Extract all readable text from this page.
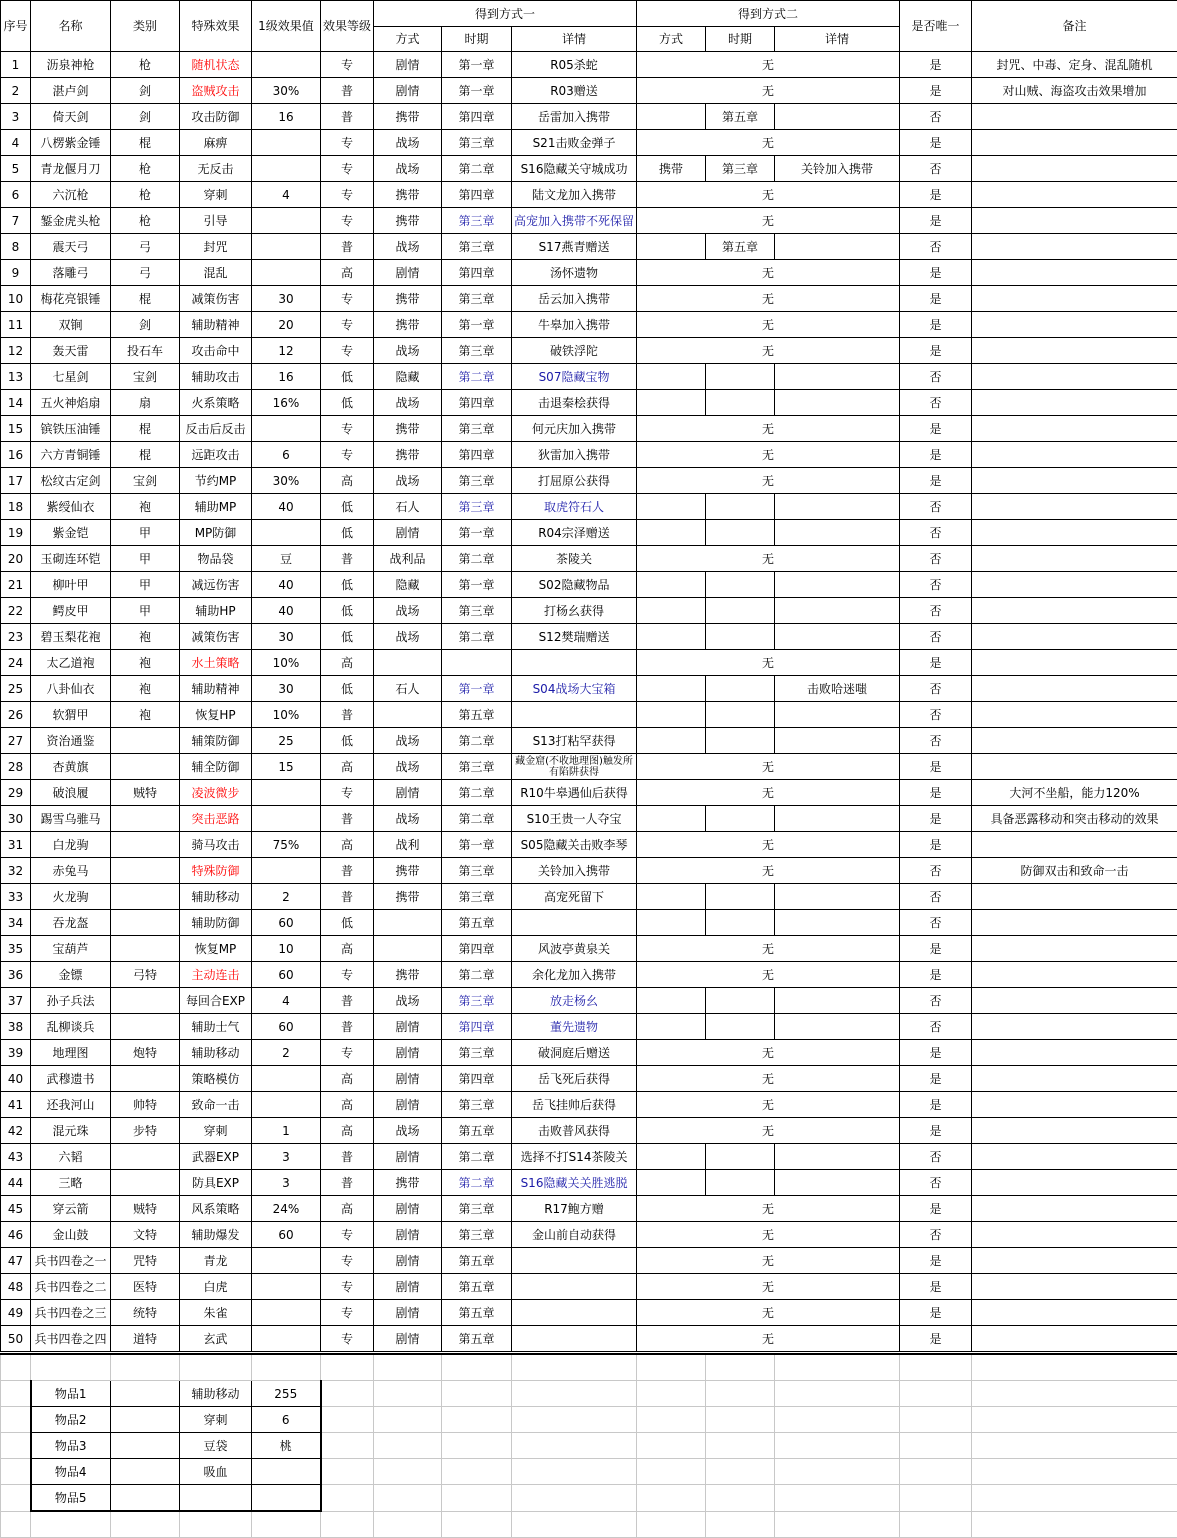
序号	名称	类别	特殊效果	1级效果值	效果等级	得到方式一			得到方式二			是否唯一	备注
						方式	时期	详情	方式	时期	详情		
1	沥泉神枪	枪	随机状态		专	剧情	第一章	R05杀蛇	无			是	封咒、中毒、定身、混乱随机
2	湛卢剑	剑	盗贼攻击	30%	普	剧情	第一章	R03赠送	无			是	对山贼、海盗攻击效果增加
3	倚天剑	剑	攻击防御	16	普	携带	第四章	岳雷加入携带		第五章		否	
4	八楞紫金锤	棍	麻痹		专	战场	第三章	S21击败金弹子	无			是	
5	青龙偃月刀	枪	无反击		专	战场	第二章	S16隐藏关守城成功	携带	第三章	关铃加入携带	否	
6	六沉枪	枪	穿刺	4	专	携带	第四章	陆文龙加入携带	无			是	
7	錾金虎头枪	枪	引导		专	携带	第三章	高宠加入携带不死保留	无			是	
8	震天弓	弓	封咒		普	战场	第三章	S17燕青赠送		第五章		否	
9	落雕弓	弓	混乱		高	剧情	第四章	汤怀遗物	无			是	
10	梅花亮银锤	棍	减策伤害	30	专	携带	第三章	岳云加入携带	无			是	
11	双锏	剑	辅助精神	20	专	携带	第一章	牛皋加入携带	无			是	
12	轰天雷	投石车	攻击命中	12	专	战场	第三章	破铁浮陀	无			是	
13	七星剑	宝剑	辅助攻击	16	低	隐藏	第二章	S07隐藏宝物				否	
14	五火神焰扇	扇	火系策略	16%	低	战场	第四章	击退秦桧获得				否	
15	镔铁压油锤	棍	反击后反击		专	携带	第三章	何元庆加入携带	无			是	
16	六方青铜锤	棍	远距攻击	6	专	携带	第四章	狄雷加入携带	无			是	
17	松纹古定剑	宝剑	节约MP	30%	高	战场	第三章	打屈原公获得	无			是	
18	紫绶仙衣	袍	辅助MP	40	低	石人	第三章	取虎符石人				否	
19	紫金铠	甲	MP防御		低	剧情	第一章	R04宗泽赠送				否	
20	玉砌连环铠	甲	物品袋	豆	普	战利品	第二章	茶陵关	无			否	
21	柳叶甲	甲	减远伤害	40	低	隐藏	第一章	S02隐藏物品				否	
22	鳄皮甲	甲	辅助HP	40	低	战场	第三章	打杨幺获得				否	
23	碧玉梨花袍	袍	减策伤害	30	低	战场	第二章	S12樊瑞赠送				否	
24	太乙道袍	袍	水土策略	10%	高				无			是	
25	八卦仙衣	袍	辅助精神	30	低	石人	第一章	S04战场大宝箱			击败哈迷嗤	否	
26	软猬甲	袍	恢复HP	10%	普		第五章					否	
27	资治通鉴		辅策防御	25	低	战场	第二章	S13打粘罕获得				否	
28	杏黄旗		辅全防御	15	高	战场	第三章	藏金窟(不收地理图)触发所有陷阱获得	无			是	
29	破浪履	贼特	凌波微步		专	剧情	第二章	R10牛皋遇仙后获得	无			是	大河不坐船，能力120%
30	踢雪乌骓马		突击恶路		普	战场	第二章	S10王贵一人夺宝				是	具备恶露移动和突击移动的效果
31	白龙驹		骑马攻击	75%	高	战利	第一章	S05隐藏关击败李琴	无			是	
32	赤兔马		特殊防御		普	携带	第三章	关铃加入携带	无			否	防御双击和致命一击
33	火龙驹		辅助移动	2	普	携带	第三章	高宠死留下				否	
34	吞龙盔		辅助防御	60	低		第五章					否	
35	宝葫芦		恢复MP	10	高		第四章	风波亭黄泉关	无			是	
36	金镖	弓特	主动连击	60	专	携带	第二章	余化龙加入携带	无			是	
37	孙子兵法		每回合EXP	4	普	战场	第三章	放走杨幺				否	
38	乱柳谈兵		辅助士气	60	普	剧情	第四章	董先遗物				否	
39	地理图	炮特	辅助移动	2	专	剧情	第三章	破洞庭后赠送	无			是	
40	武穆遗书		策略模仿		高	剧情	第四章	岳飞死后获得	无			是	
41	还我河山	帅特	致命一击		高	剧情	第三章	岳飞挂帅后获得	无			是	
42	混元珠	步特	穿刺	1	高	战场	第五章	击败普风获得	无			是	
43	六韬		武器EXP	3	普	剧情	第二章	选择不打S14茶陵关				否	
44	三略		防具EXP	3	普	携带	第二章	S16隐藏关关胜逃脱				否	
45	穿云箭	贼特	风系策略	24%	高	剧情	第三章	R17鲍方赠	无			是	
46	金山鼓	文特	辅助爆发	60	专	剧情	第三章	金山前自动获得	无			否	
47	兵书四卷之一	咒特	青龙		专	剧情	第五章		无			是	
48	兵书四卷之二	医特	白虎		专	剧情	第五章		无			是	
49	兵书四卷之三	统特	朱雀		专	剧情	第五章		无			是	
50	兵书四卷之四	道特	玄武		专	剧情	第五章		无			是	

	物品1		辅助移动	255									
	物品2		穿刺	6									
	物品3		豆袋	桃									
	物品4		吸血										
	物品5												
